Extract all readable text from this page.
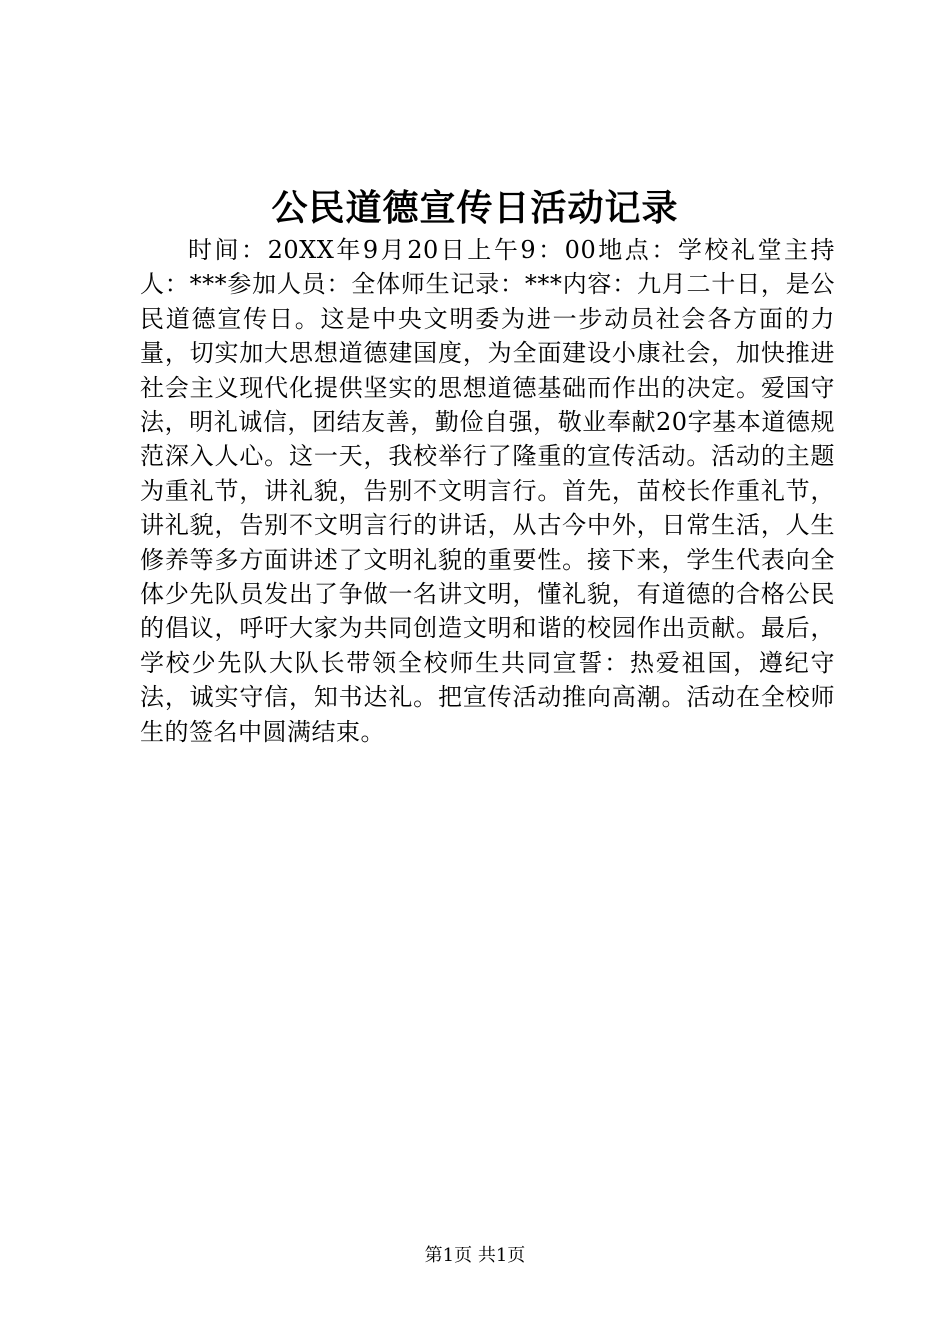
公民道德宣传日活动记录

时间：20XX年9月20日上午9：00地点：学校礼堂主持人：***参加人员：全体师生记录：***内容：九月二十日，是公民道德宣传日。这是中央文明委为进一步动员社会各方面的力量，切实加大思想道德建国度，为全面建设小康社会，加快推进社会主义现代化提供坚实的思想道德基础而作出的决定。爱国守法，明礼诚信，团结友善，勤俭自强，敬业奉献20字基本道德规范深入人心。这一天，我校举行了隆重的宣传活动。活动的主题为重礼节，讲礼貌，告别不文明言行。首先，苗校长作重礼节，讲礼貌，告别不文明言行的讲话，从古今中外，日常生活，人生修养等多方面讲述了文明礼貌的重要性。接下来，学生代表向全体少先队员发出了争做一名讲文明，懂礼貌，有道德的合格公民的倡议，呼吁大家为共同创造文明和谐的校园作出贡献。最后，学校少先队大队长带领全校师生共同宣誓：热爱祖国，遵纪守法，诚实守信，知书达礼。把宣传活动推向高潮。活动在全校师生的签名中圆满结束。

第1页 共1页
